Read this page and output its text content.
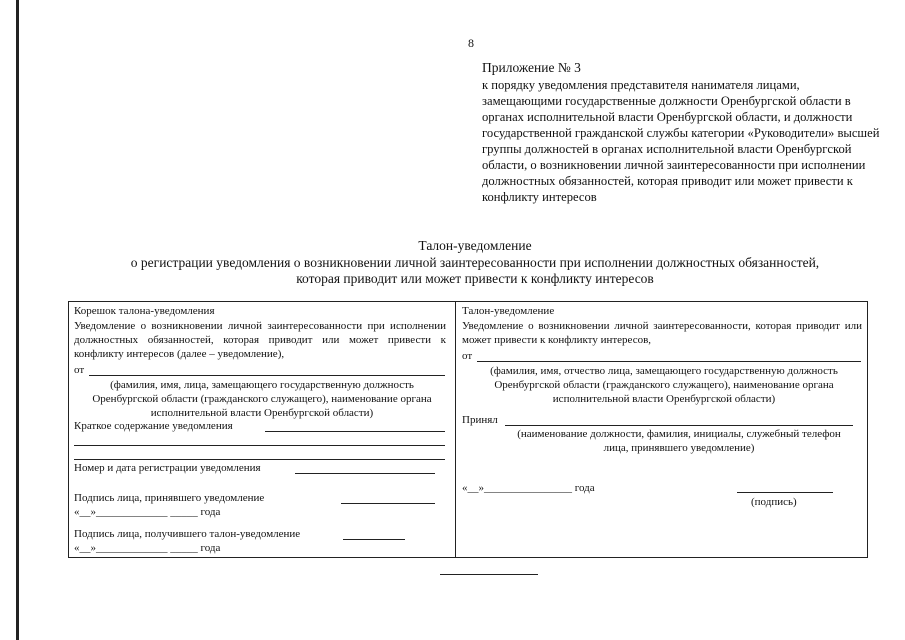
8
Приложение № 3
к порядку уведомления представителя нанимателя лицами, замещающими государственные должности Оренбургской области в органах исполнительной власти Оренбургской области, и должности государственной гражданской службы категории «Руководители» высшей группы должностей в органах исполнительной власти Оренбургской области, о возникновении личной заинтересованности при исполнении должностных обязанностей, которая приводит или может привести к конфликту интересов
Талон-уведомление
о регистрации уведомления о возникновении личной заинтересованности при исполнении должностных обязанностей,
которая приводит или может привести к конфликту интересов
Корешок талона-уведомления
Уведомление о возникновении личной заинтересованности при исполнении должностных обязанностей, которая приводит или может привести к конфликту интересов (далее – уведомление),
от
(фамилия, имя, лица, замещающего государственную должность Оренбургской области (гражданского служащего), наименование органа исполнительной власти Оренбургской области)
Краткое содержание уведомления
Номер и дата регистрации уведомления
Подпись лица, принявшего уведомление
«__»_____________ _____ года
Подпись лица, получившего талон-уведомление
«__»_____________ _____ года
Талон-уведомление
Уведомление о возникновении личной заинтересованности, которая приводит или может привести к конфликту интересов,
от
(фамилия, имя, отчество лица, замещающего государственную должность Оренбургской области (гражданского служащего), наименование органа исполнительной власти Оренбургской области)
Принял
(наименование должности, фамилия, инициалы, служебный телефон лица, принявшего уведомление)
«__»________________ года
(подпись)
